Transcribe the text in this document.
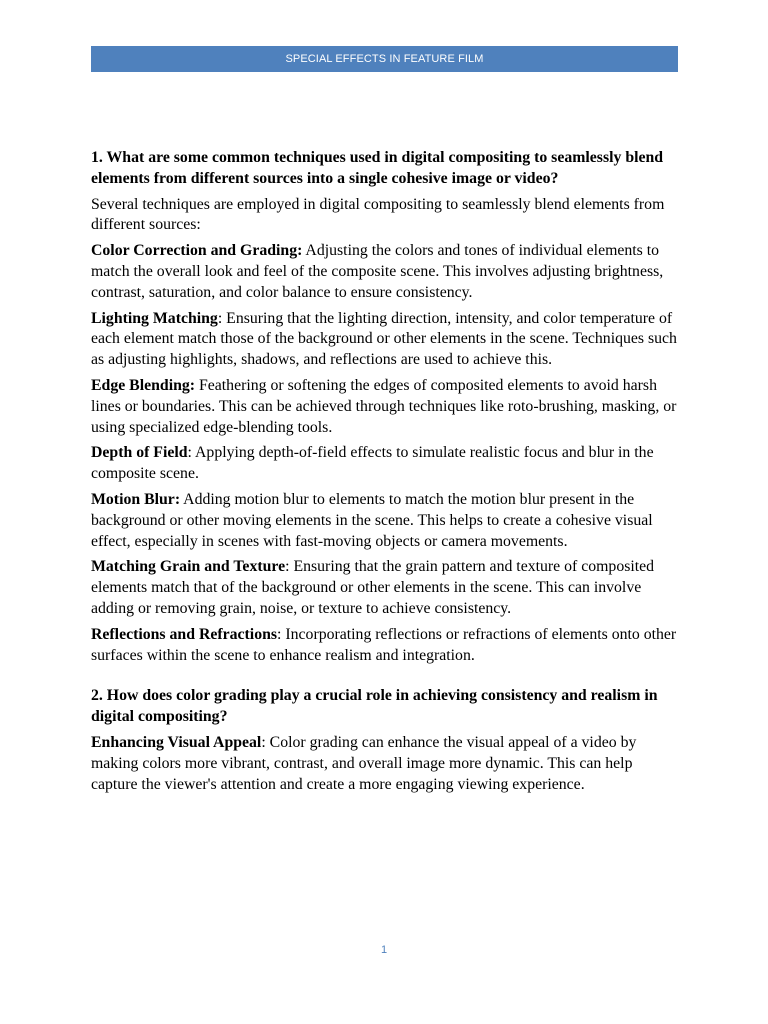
SPECIAL EFFECTS IN FEATURE FILM

1. What are some common techniques used in digital compositing to seamlessly blend elements from different sources into a single cohesive image or video?

Several techniques are employed in digital compositing to seamlessly blend elements from different sources:

Color Correction and Grading: Adjusting the colors and tones of individual elements to match the overall look and feel of the composite scene. This involves adjusting brightness, contrast, saturation, and color balance to ensure consistency.

Lighting Matching: Ensuring that the lighting direction, intensity, and color temperature of each element match those of the background or other elements in the scene. Techniques such as adjusting highlights, shadows, and reflections are used to achieve this.

Edge Blending: Feathering or softening the edges of composited elements to avoid harsh lines or boundaries. This can be achieved through techniques like roto-brushing, masking, or using specialized edge-blending tools.

Depth of Field: Applying depth-of-field effects to simulate realistic focus and blur in the composite scene.

Motion Blur: Adding motion blur to elements to match the motion blur present in the background or other moving elements in the scene. This helps to create a cohesive visual effect, especially in scenes with fast-moving objects or camera movements.

Matching Grain and Texture: Ensuring that the grain pattern and texture of composited elements match that of the background or other elements in the scene. This can involve adding or removing grain, noise, or texture to achieve consistency.

Reflections and Refractions: Incorporating reflections or refractions of elements onto other surfaces within the scene to enhance realism and integration.

2. How does color grading play a crucial role in achieving consistency and realism in digital compositing?

Enhancing Visual Appeal: Color grading can enhance the visual appeal of a video by making colors more vibrant, contrast, and overall image more dynamic. This can help capture the viewer's attention and create a more engaging viewing experience.

1
